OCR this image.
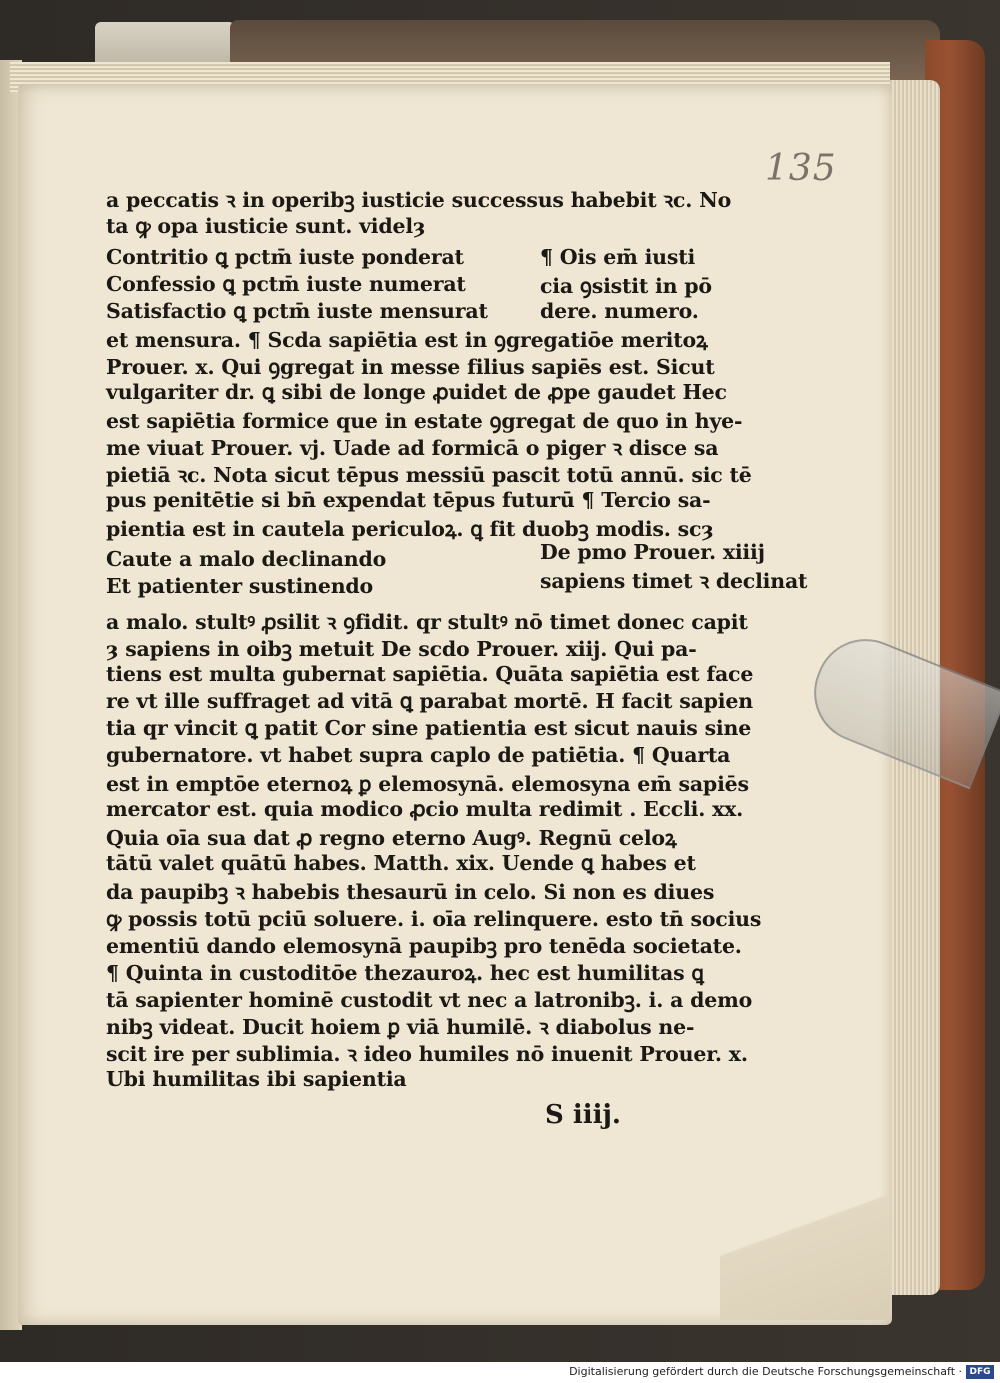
135
a peccatis ꝛ in operibꝫ iusticie successus habebit ꝛc. No
ta ꝙ opa iusticie sunt. videlȝ
Contritio ꝗ pctm̄ iuste ponderat
Confessio ꝗ pctm̄ iuste numerat
Satisfactio ꝗ pctm̄ iuste mensurat
¶ Ois em̄ iusti
cia ꝯsistit in pō
dere. numero.
et mensura. ¶ Scda sapiētia est in ꝯgregatiōe meritoꝝ
Prouer. x. Qui ꝯgregat in messe filius sapiēs est. Sicut
vulgariter dr. ꝗ sibi de longe ꝓuidet de ꝓpe gaudet Hec
est sapiētia formice que in estate ꝯgregat de quo in hye-
me viuat Prouer. vj. Uade ad formicā o piger ꝛ disce sa
pietiā ꝛc. Nota sicut tēpus messiū pascit totū annū. sic tē
pus penitētie si bn̄ expendat tēpus futurū ¶ Tercio sa-
pientia est in cautela periculoꝝ. ꝗ fit duobꝫ modis. scȝ
Caute a malo declinando
Et patienter sustinendo
De pmo Prouer. xiiij
sapiens timet ꝛ declinat
a malo. stultꝰ ꝓsilit ꝛ ꝯfidit. qr stultꝰ nō timet donec capit
ȝ sapiens in oibꝫ metuit De scdo Prouer. xiij. Qui pa-
tiens est multa gubernat sapiētia. Quāta sapiētia est face
re vt ille suffraget ad vitā ꝗ parabat mortē. H facit sapien
tia qr vincit ꝗ patit Cor sine patientia est sicut nauis sine
gubernatore. vt habet supra caplo de patiētia. ¶ Quarta
est in emptōe eternoꝝ ꝑ elemosynā. elemosyna em̄ sapiēs
mercator est. quia modico ꝓcio multa redimit . Eccli. xx.
Quia oīa sua dat ꝓ regno eterno Augꝰ. Regnū celoꝝ
tātū valet quātū habes. Matth. xix. Uende ꝗ habes et
da paupibꝫ ꝛ habebis thesaurū in celo. Si non es diues
ꝙ possis totū pciū soluere. i. oīa relinquere. esto tn̄ socius
ementiū dando elemosynā paupibꝫ pro tenēda societate.
¶ Quinta in custoditōe thezauroꝝ. hec est humilitas ꝗ
tā sapienter hominē custodit vt nec a latronibꝫ. i. a demo
nibꝫ videat. Ducit hoiem ꝑ viā humilē. ꝛ diabolus ne-
scit ire per sublimia. ꝛ ideo humiles nō inuenit Prouer. x.
Ubi humilitas ibi sapientia
S iiij.
Digitalisierung gefördert durch die Deutsche Forschungsgemeinschaft · DFG
